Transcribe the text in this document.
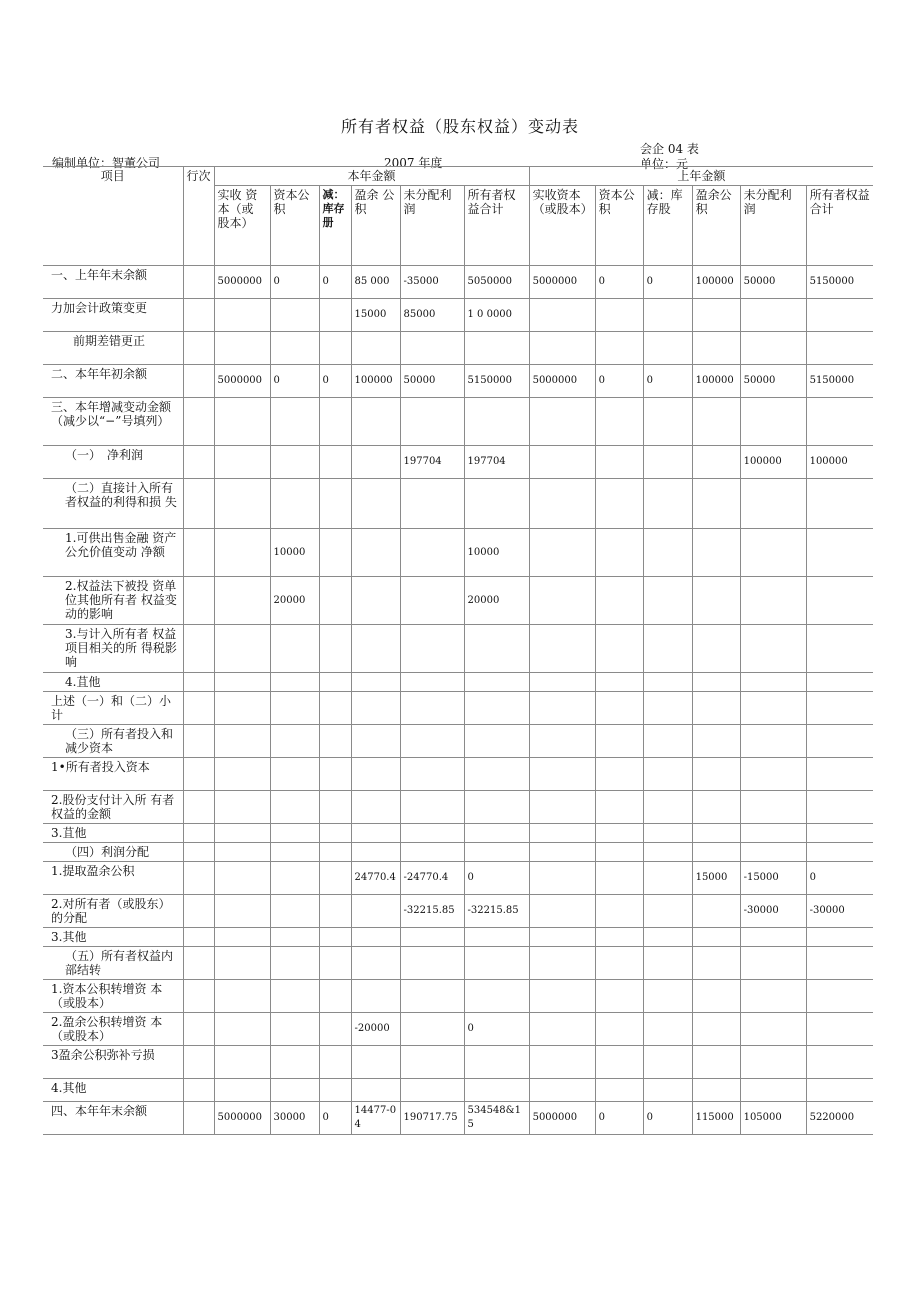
所有者权益（股东权益）变动表
会企 04 表
编制单位：智董公司	2007 年度	单位：元
项目	行次	本年金额						上年金额					
		实收 资本（或 股本）	资本公积	减：库存册	盈余 公积	未分配利润	所有者权益合计	实收资本（或股本）	资本公积	减：库存股	盈余公积	未分配利润	所有者权益合计
一、上年年末余额		5000000	0	0	85 000	-35000	5050000	5000000	0	0	100000	50000	5150000
力加会计政策变更					15000	85000	1 0 0000						
前期差错更正													
二、本年年初余额		5000000	0	0	100000	50000	5150000	5000000	0	0	100000	50000	5150000
三、本年增减变动金额（减少以“−”号填列）													
（一）　净利润						197704	197704					100000	100000
（二）直接计入所有者权益的利得和损 失													
1.可供出售金融 资产公允价值变动 净额			10000				10000						
2.权益法下被投 资单位其他所有者 权益变动的影响			20000				20000						
3.与计入所有者 权益项目相关的所 得税影响													
4.苴他													
上述（一）和（二）小计													
（三）所有者投入和减少资本													
1•所有者投入资本													
2.股份支付计入所 有者权益的金额													
3.苴他													
（四）利润分配													
1.提取盈余公积					24770.4	-24770.4	0				15000	-15000	0
2.对所有者（或股东）的分配						-32215.85	-32215.85					-30000	-30000
3.其他													
（五）所有者权益内部结转													
1.资本公积转增资 本（或股本）													
2.盈余公积转增资 本（或股本）					-20000		0						
3盈余公积弥补亏损													
4.其他													
四、本年年末余额		5000000	30000	0	14477-04	190717.75	534548&15	5000000	0	0	115000	105000	5220000
